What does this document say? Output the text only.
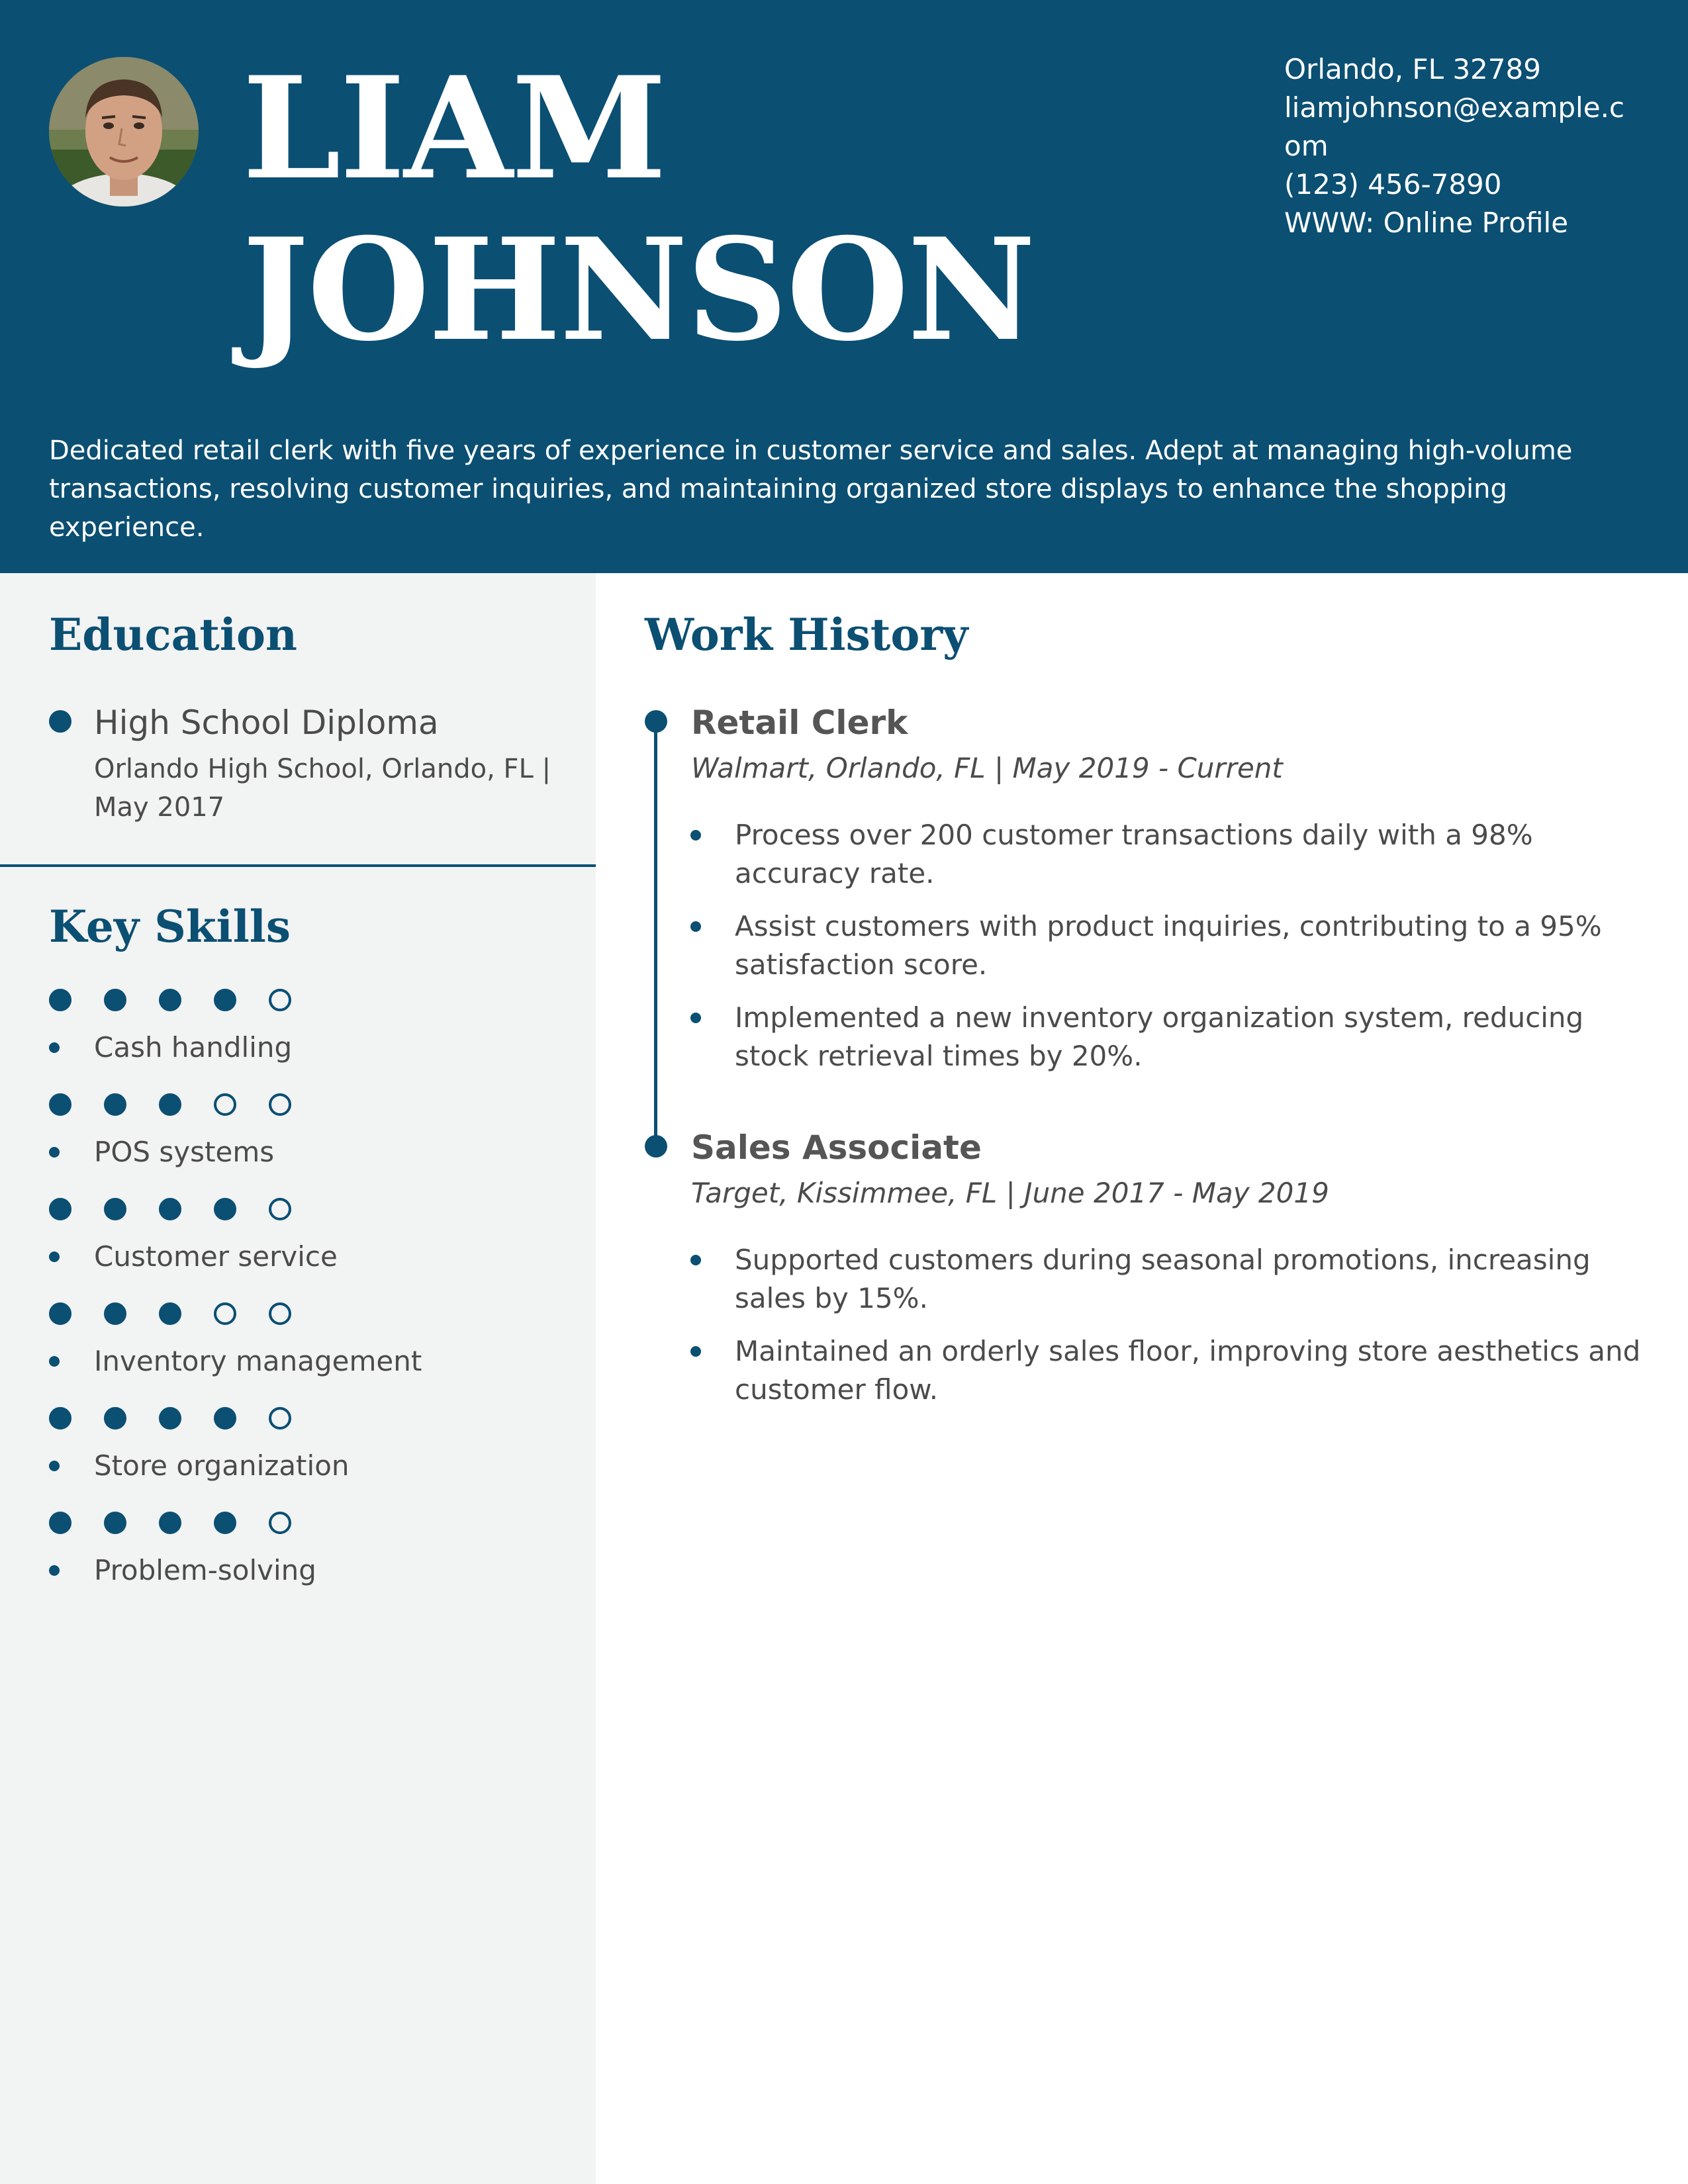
LIAM
JOHNSON
Orlando, FL 32789
liamjohnson@example.com
(123) 456-7890
WWW: Online Profile

Dedicated retail clerk with five years of experience in customer service and sales. Adept at managing high-volume transactions, resolving customer inquiries, and maintaining organized store displays to enhance the shopping experience.

Education
High School Diploma
Orlando High School, Orlando, FL | May 2017
Key Skills
Cash handling
POS systems
Customer service
Inventory management
Store organization
Problem-solving
Work History
Retail Clerk
Walmart, Orlando, FL | May 2019 - Current
Process over 200 customer transactions daily with a 98% accuracy rate.
Assist customers with product inquiries, contributing to a 95% satisfaction score.
Implemented a new inventory organization system, reducing stock retrieval times by 20%.
Sales Associate
Target, Kissimmee, FL | June 2017 - May 2019
Supported customers during seasonal promotions, increasing sales by 15%.
Maintained an orderly sales floor, improving store aesthetics and customer flow.
